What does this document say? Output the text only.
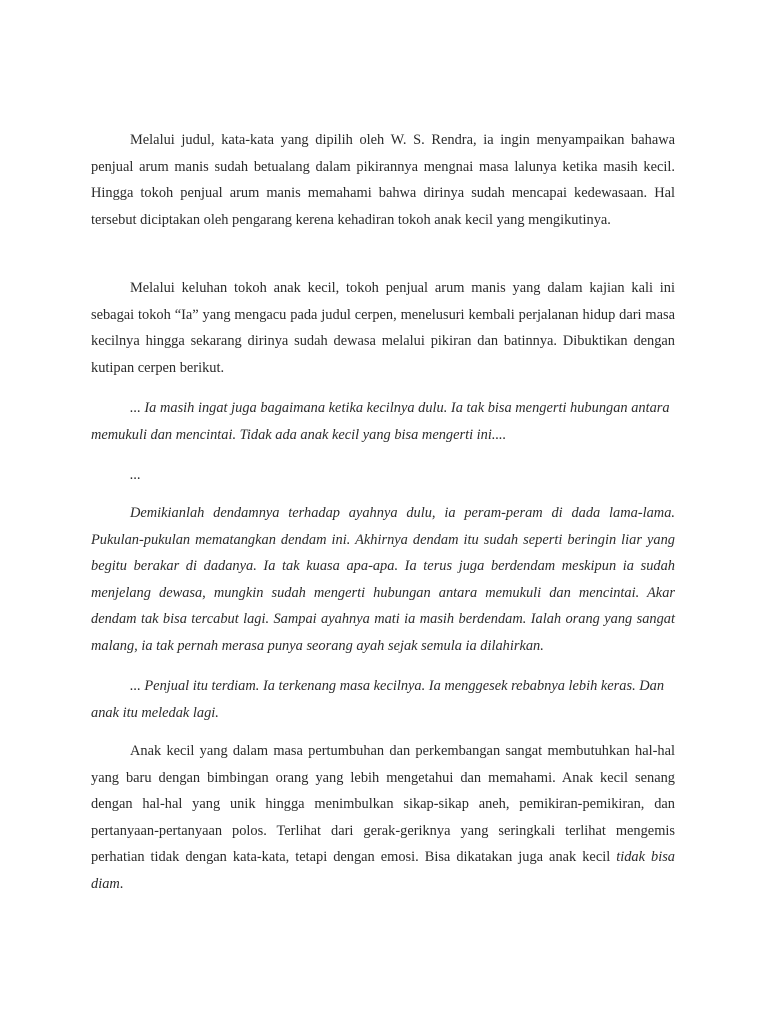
Melalui judul, kata-kata yang dipilih oleh W. S. Rendra, ia ingin menyampaikan bahawa penjual arum manis sudah betualang dalam pikirannya mengnai masa lalunya ketika masih kecil. Hingga tokoh penjual arum manis memahami bahwa dirinya sudah mencapai kedewasaan. Hal tersebut diciptakan oleh pengarang kerena kehadiran tokoh anak kecil yang mengikutinya.

Melalui keluhan tokoh anak kecil, tokoh penjual arum manis yang dalam kajian kali ini sebagai tokoh “Ia” yang mengacu pada judul cerpen, menelusuri kembali perjalanan hidup dari masa kecilnya hingga sekarang dirinya sudah dewasa melalui pikiran dan batinnya. Dibuktikan dengan kutipan cerpen berikut.

... Ia masih ingat juga bagaimana ketika kecilnya dulu. Ia tak bisa mengerti hubungan antara memukuli dan mencintai. Tidak ada anak kecil yang bisa mengerti ini....

...

Demikianlah dendamnya terhadap ayahnya dulu, ia peram-peram di dada lama-lama. Pukulan-pukulan mematangkan dendam ini. Akhirnya dendam itu sudah seperti beringin liar yang begitu berakar di dadanya. Ia tak kuasa apa-apa. Ia terus juga berdendam meskipun ia sudah menjelang dewasa, mungkin sudah mengerti hubungan antara memukuli dan mencintai. Akar dendam tak bisa tercabut lagi. Sampai ayahnya mati ia masih berdendam. Ialah orang yang sangat malang, ia tak pernah merasa punya seorang ayah sejak semula ia dilahirkan.

... Penjual itu terdiam. Ia terkenang masa kecilnya. Ia menggesek rebabnya lebih keras. Dan anak itu meledak lagi.

Anak kecil yang dalam masa pertumbuhan dan perkembangan sangat membutuhkan hal-hal yang baru dengan bimbingan orang yang lebih mengetahui dan memahami. Anak kecil senang dengan hal-hal yang unik hingga menimbulkan sikap-sikap aneh, pemikiran-pemikiran, dan pertanyaan-pertanyaan polos. Terlihat dari gerak-geriknya yang seringkali terlihat mengemis perhatian tidak dengan kata-kata, tetapi dengan emosi. Bisa dikatakan juga anak kecil tidak bisa diam.
